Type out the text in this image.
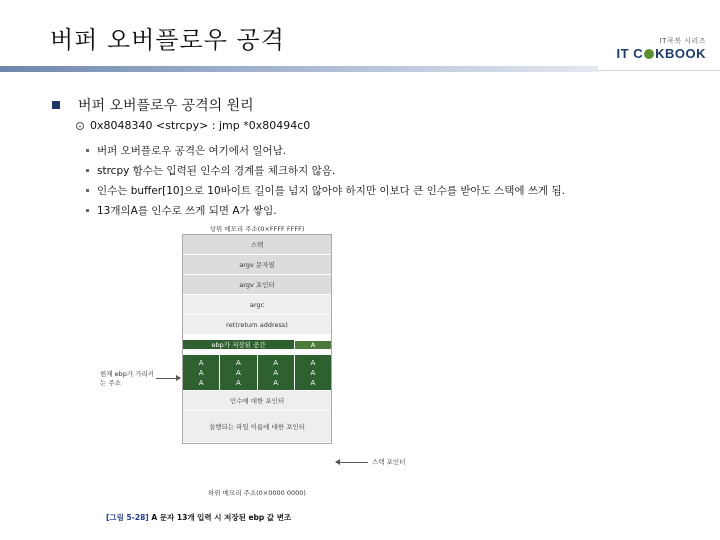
버퍼 오버플로우 공격	IT쿡북 시리즈
IT C KBOOK
버퍼 오버플로우 공격의 원리
0x8048340 <strcpy> : jmp *0x80494c0
버퍼 오버플로우 공격은 여기에서 일어남.
strcpy 함수는 입력된 인수의 경계를 체크하지 않음.
인수는 buffer[10]으로 10바이트 길이를 넘지 않아야 하지만 이보다 큰 인수를 받아도 스택에 쓰게 됨.
13개의A를 인수로 쓰게 되면 A가 쌓임.
상위 메모리 주소(0×FFFF FFFF)
스택
argv 문자열
argv 포인터
argc
ret(return address)
ebp가 저장된 공간	A
A
A
A
A
A
A
A
A
A
A
A
A
인수에 대한 포인터
실행되는 파일 이름에 대한 포인터
현재 ebp가 가리키는 주소
스택 포인터
하위 메모리 주소(0×0000 0000)
[그림 5-28] A 문자 13개 입력 시 저장된 ebp 값 변조
